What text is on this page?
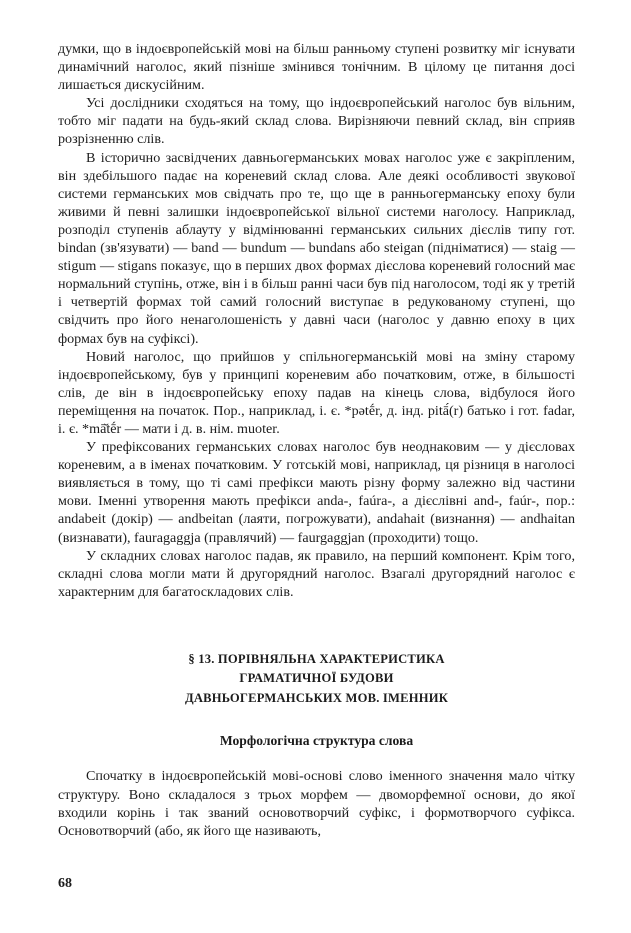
думки, що в індоєвропейській мові на більш ранньому ступені розвитку міг існувати динамічний наголос, який пізніше змінився тонічним. В цілому це питання досі лишається дискусійним.

Усі дослідники сходяться на тому, що індоєвропейський наголос був вільним, тобто міг падати на будь-який склад слова. Вирізняючи певний склад, він сприяв розрізненню слів.

В історично засвідчених давньогерманських мовах наголос уже є закріпленим, він здебільшого падає на кореневий склад слова. Але деякі особливості звукової системи германських мов свідчать про те, що ще в ранньогерманську епоху були живими й певні залишки індоєвропейської вільної системи наголосу. Наприклад, розподіл ступенів аблауту у відмінюванні германських сильних дієслів типу гот. bindan (зв'язувати) — band — bundum — bundans або steigan (підніматися) — staig — stigum — stigans показує, що в перших двох формах дієслова кореневий голосний має нормальний ступінь, отже, він і в більш ранні часи був під наголосом, тоді як у третій і четвертій формах той самий голосний виступає в редукованому ступені, що свідчить про його ненаголошеність у давні часи (наголос у давню епоху в цих формах був на суфіксі).

Новий наголос, що прийшов у спільногерманській мові на зміну старому індоєвропейському, був у принципі кореневим або початковим, отже, в більшості слів, де він в індоєвропейську епоху падав на кінець слова, відбулося його переміщення на початок. Пор., наприклад, і. є. *pətḗr, д. інд. pitā́(r) батько і гот. fadar, і. є. *mā̆tḗr — мати і д. в. нім. muoter.

У префіксованих германських словах наголос був неоднаковим — у дієсловах кореневим, а в іменах початковим. У готській мові, наприклад, ця різниця в наголосі виявляється в тому, що ті самі префікси мають різну форму залежно від частини мови. Іменні утворення мають префікси anda-, faúra-, а дієслівні and-, faúr-, пор.: andabeit (докір) — andbeitan (лаяти, погрожувати), andahait (визнання) — andhaitan (визнавати), fauragaggja (правлячий) — faurgaggjan (проходити) тощо.

У складних словах наголос падав, як правило, на перший компонент. Крім того, складні слова могли мати й другорядний наголос. Взагалі другорядний наголос є характерним для багатоскладових слів.

§ 13. ПОРІВНЯЛЬНА ХАРАКТЕРИСТИКА
ГРАМАТИЧНОЇ БУДОВИ
ДАВНЬОГЕРМАНСЬКИХ МОВ. ІМЕННИК
Морфологічна структура слова

Спочатку в індоєвропейській мові-основі слово іменного значення мало чітку структуру. Воно складалося з трьох морфем — двоморфемної основи, до якої входили корінь і так званий основотворчий суфікс, і формотворчого суфікса. Основотворчий (або, як його ще називають,

68
